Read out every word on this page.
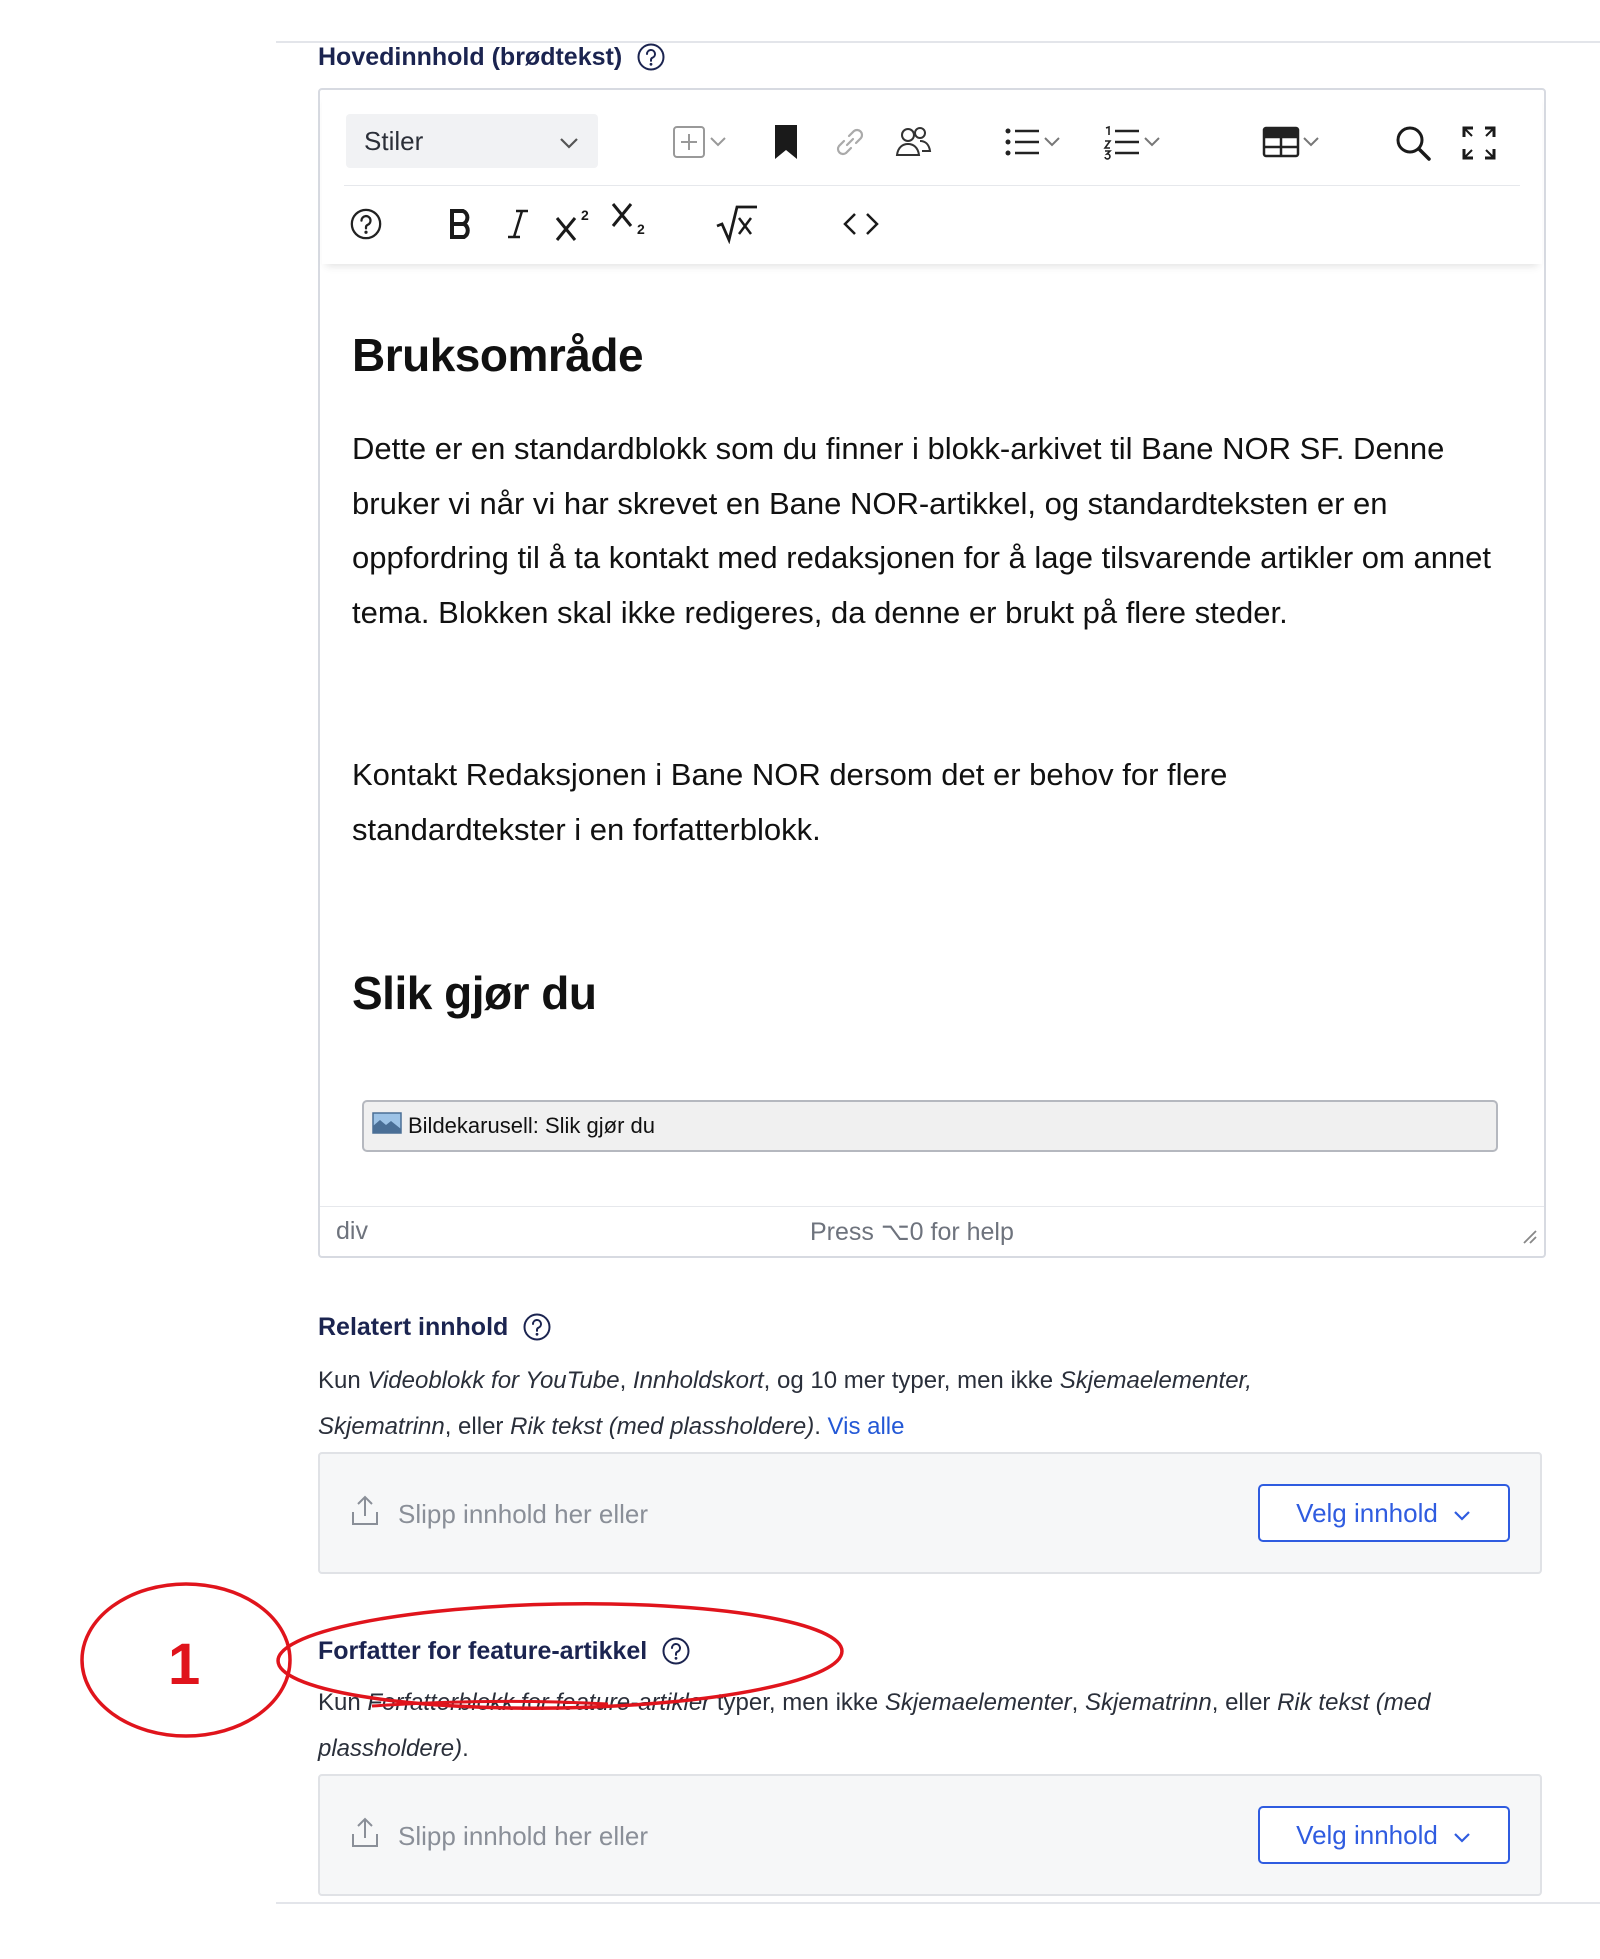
Hovedinnhold (brødtekst)
Stiler
2
2
Bruksområde

Dette er en standardblokk som du finner i blokk-arkivet til Bane NOR SF. Denne bruker vi når vi har skrevet en Bane NOR-artikkel, og standardteksten er en oppfordring til å ta kontakt med redaksjonen for å lage tilsvarende artikler om annet tema. Blokken skal ikke redigeres, da denne er brukt på flere steder.

Kontakt Redaksjonen i Bane NOR dersom det er behov for flere standardtekster i en forfatterblokk.

Slik gjør du
Bildekarusell: Slik gjør du
div	Press ⌥0 for help
Relatert innhold
Kun Videoblokk for YouTube, Innholdskort, og 10 mer typer, men ikke Skjemaelementer,
Skjematrinn, eller Rik tekst (med plassholdere). Vis alle
Slipp innhold her eller	Velg innhold
Forfatter for feature-artikkel
Kun Forfatterblokk for feature-artikler typer, men ikke Skjemaelementer, Skjematrinn, eller Rik tekst (med plassholdere).
Slipp innhold her eller	Velg innhold
1
